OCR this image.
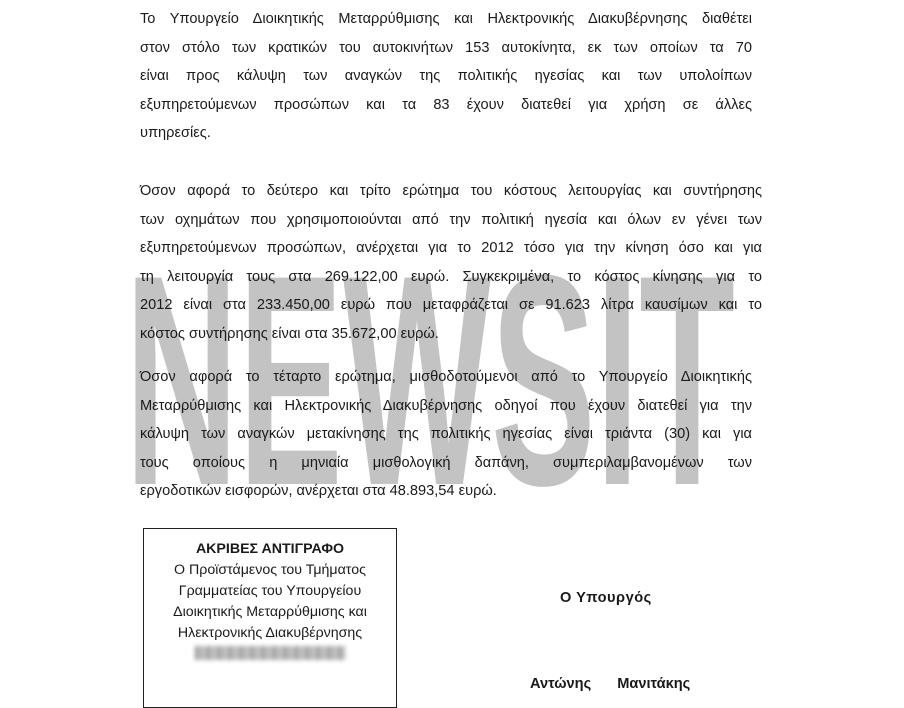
NEWSIT
Το Υπουργείο Διοικητικής Μεταρρύθμισης και Ηλεκτρονικής Διακυβέρνησης διαθέτει
στον στόλο των κρατικών του αυτοκινήτων 153 αυτοκίνητα, εκ των οποίων τα 70
είναι προς κάλυψη των αναγκών της πολιτικής ηγεσίας και των υπολοίπων
εξυπηρετούμενων προσώπων και τα 83 έχουν διατεθεί για χρήση σε άλλες
υπηρεσίες.
Όσον αφορά το δεύτερο και τρίτο ερώτημα του κόστους λειτουργίας και συντήρησης
των οχημάτων που χρησιμοποιούνται από την πολιτική ηγεσία και όλων εν γένει των
εξυπηρετούμενων προσώπων, ανέρχεται για το 2012 τόσο για την κίνηση όσο και για
τη λειτουργία τους στα 269.122,00 ευρώ. Συγκεκριμένα, το κόστος κίνησης για το
2012 είναι στα 233.450,00 ευρώ που μεταφράζεται σε 91.623 λίτρα καυσίμων και το
κόστος συντήρησης είναι στα 35.672,00 ευρώ.
Όσον αφορά το τέταρτο ερώτημα, μισθοδοτούμενοι από το Υπουργείο Διοικητικής
Μεταρρύθμισης και Ηλεκτρονικής Διακυβέρνησης οδηγοί που έχουν διατεθεί για την
κάλυψη των αναγκών μετακίνησης της πολιτικής ηγεσίας είναι τριάντα (30) και για
τους οποίους η μηνιαία μισθολογική δαπάνη, συμπεριλαμβανομένων των
εργοδοτικών εισφορών, ανέρχεται στα 48.893,54 ευρώ.
ΑΚΡΙΒΕΣ ΑΝΤΙΓΡΑΦΟ
Ο Προϊστάμενος του Τμήματος
Γραμματείας του Υπουργείου
Διοικητικής Μεταρρύθμισης και
Ηλεκτρονικής Διακυβέρνησης
Ο Υπουργός
Αντώνης Μανιτάκης
